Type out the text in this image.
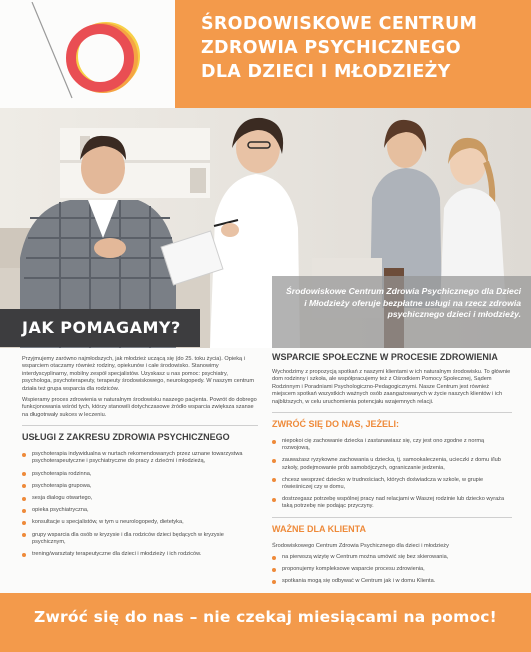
ŚRODOWISKOWE CENTRUM
ZDROWIA PSYCHICZNEGO
DLA DZIECI I MŁODZIEŻY

Środowiskowe Centrum Zdrowia Psychicznego dla Dzieci i Młodzieży oferuje bezpłatne usługi na rzecz zdrowia psychicznego dzieci i młodzieży.

JAK POMAGAMY?

Przyjmujemy zarówno najmłodszych, jak młodzież uczącą się (do 25. toku życia). Opieką i wsparciem otaczamy również rodziny, opiekunów i całe środowisko. Stanowimy interdyscyplinarny, mobilny zespół specjalistów. Uzyskasz u nas pomoc: psychiatry, psychologa, psychoterapeuty, terapeuty środowiskowego, neurologopedy. W naszym centrum działa też grupa wsparcia dla rodziców.

Wspieramy proces zdrowienia w naturalnym środowisku naszego pacjenta. Powrót do dobrego funkcjonowania wśród tych, którzy stanowili dotychczasowe źródło wsparcia zwiększa szanse na długotrwały sukces w leczeniu.

USŁUGI Z ZAKRESU ZDROWIA PSYCHICZNEGO
psychoterapia indywidualna w nurtach rekomendowanych przez uznane towarzystwa psychoterapeutyczne i psychiatryczne do pracy z dziećmi i młodzieżą,
psychoterapia rodzinna,
psychoterapia grupowa,
sesja dialogu otwartego,
opieka psychiatryczna,
konsultacje u specjalistów, w tym u neurologopedy, dietetyka,
grupy wsparcia dla osób w kryzysie i dla rodziców dzieci będących w kryzysie psychicznym,
trening/warsztaty terapeutyczne dla dzieci i młodzieży i ich rodziców.
WSPARCIE SPOŁECZNE W PROCESIE ZDROWIENIA

Wychodzimy z propozycją spotkań z naszymi klientami w ich naturalnym środowisku. To głównie dom rodzinny i szkoła, ale współpracujemy też z Ośrodkiem Pomocy Społecznej, Sądem Rodzinnym i Poradniami Psychologiczno-Pedagogicznymi. Nasze Centrum jest również miejscem spotkań wszystkich ważnych osób zaangażowanych w życie naszych klientów i ich najbliższych, w celu uruchomienia potencjału wzajemnych relacji.

ZWRÓĆ SIĘ DO NAS, JEŻELI:
niepokoi cię zachowanie dziecka i zastanawiasz się, czy jest ono zgodne z normą rozwojową,
zauważasz ryzykowne zachowania u dziecka, tj. samookaleczenia, ucieczki z domu i/lub szkoły, podejmowanie prób samobójczych, ograniczanie jedzenia,
chcesz wesprzeć dziecko w trudnościach, których doświadcza w szkole, w grupie rówieśniczej czy w domu,
dostrzegasz potrzebę wspólnej pracy nad relacjami w Waszej rodzinie lub dziecko wyraża taką potrzebę nie podając przyczyny.
WAŻNE DLA KLIENTA

Środowiskowego Centrum Zdrowia Psychicznego dla dzieci i młodzieży

na pierwszą wizytę w Centrum można umówić się bez skierowania,
proponujemy kompleksowe wsparcie procesu zdrowienia,
spotkania mogą się odbywać w Centrum jak i w domu Klienta.
Zwróć się do nas – nie czekaj miesiącami na pomoc!
